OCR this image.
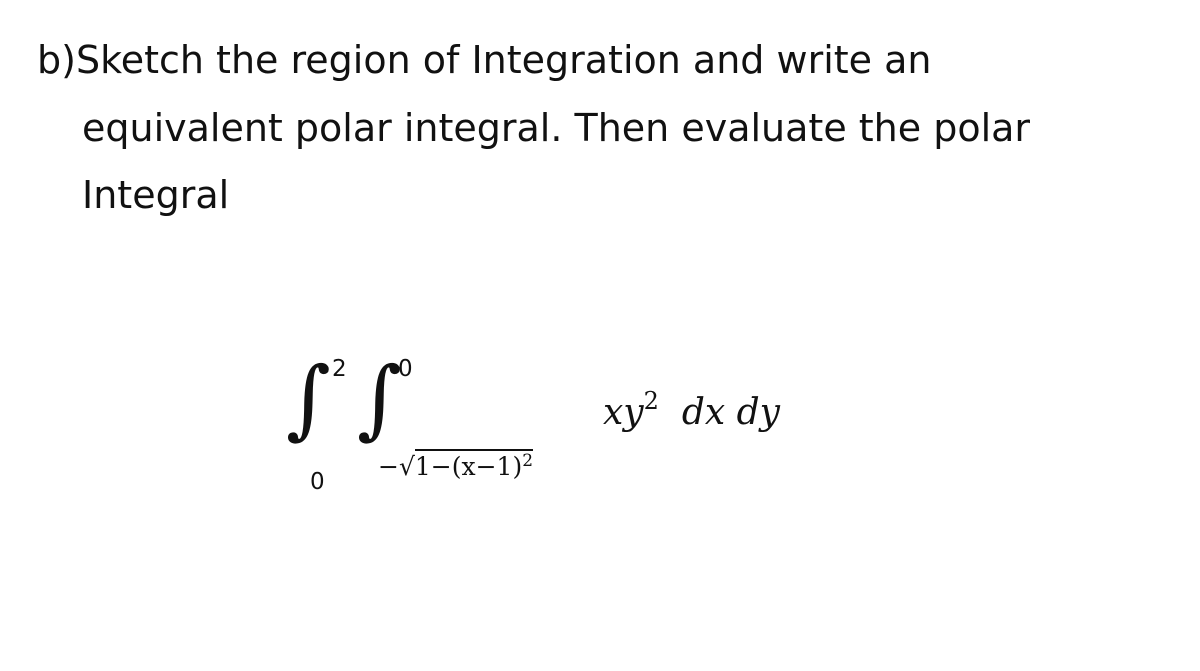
b)Sketch the region of Integration and write an
equivalent polar integral. Then evaluate the polar
Integral
∫ ∫
2
0
0
$-√1-(x-1)^2$
$xy^2$ dx dy
